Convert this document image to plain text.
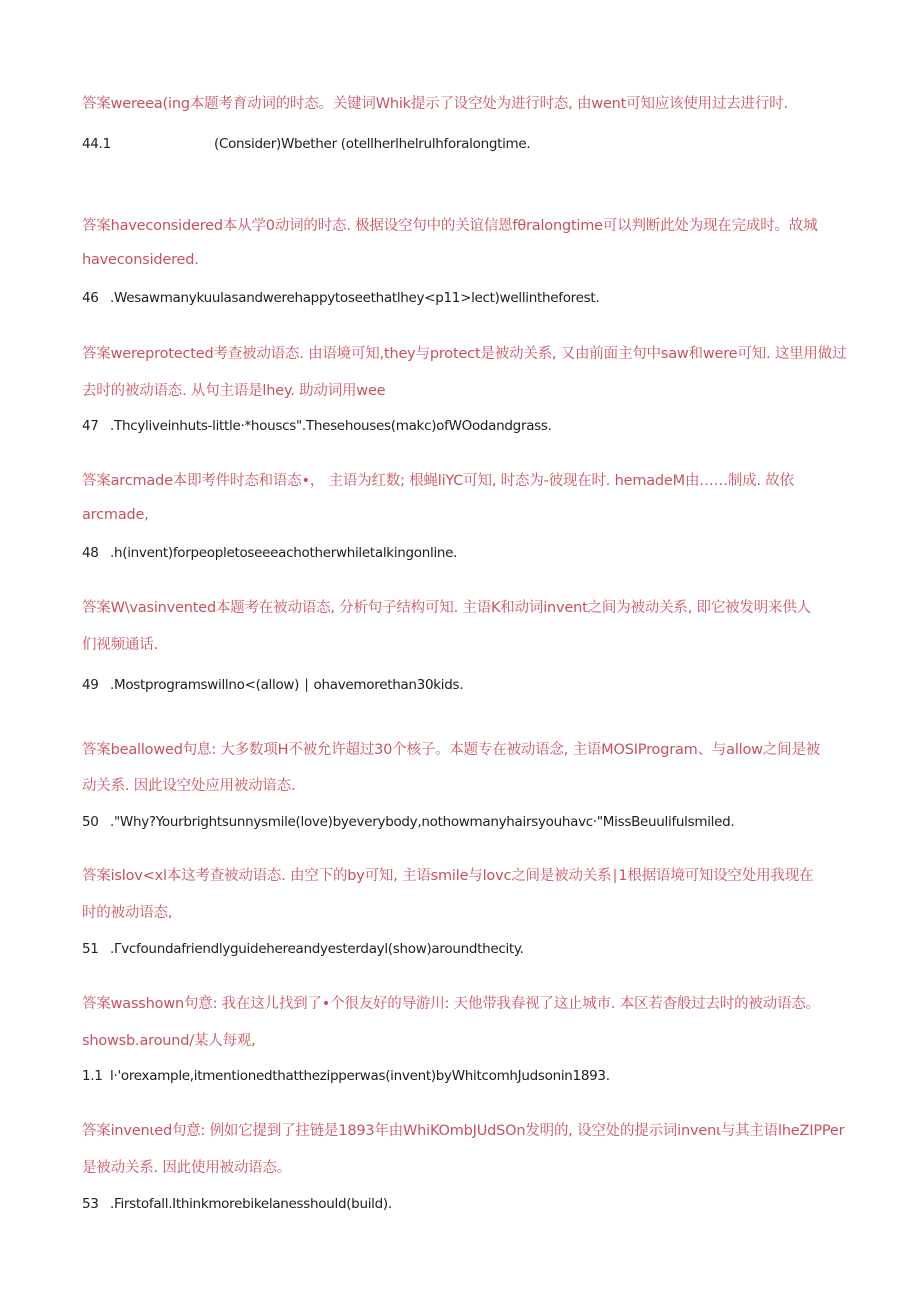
答案wereea(ing本题考育动词的时态。关键词Whik提示了设空处为进行时态, 由went可知应该使用过去进行时.
44.1	(Consider)Wbether (otellherlhelrulhforalongtime.
答案haveconsidered本从学0动词的时态. 极据设空句中的关谊信恩fθralongtime可以判断此处为现在完成时。故城
haveconsidered.
46 .Wesawmanykuulasandwerehappytoseethatlhey<p11>lect)wellintheforest.
答案wereprotected考查被动语态. 由语境可知,they与protect是被动关系, 又由前面主句中saw和were可知. 这里用做过
去时的被动语态. 从句主语是lhey. 助动词用wee
47 .Thcyliveinhuts-little·*houscs".Thesehouses(makc)ofWOodandgrass.
答案arcmade本即考件时态和语态•， 主语为红数; 根蝇liYC可知, 时态为-彼现在时. hemadeM由……制成. 故依
arcmade,
48 .h(invent)forpeopletoseeeachotherwhiletalkingonline.
答案W\vasinvented本题考在被动语态, 分析句子结构可知. 主语K和动词invent之间为被动关系, 即它被发明来供人
们视频通话.
49 .Mostprogramswillno<(allow) ∣ ohavemorethan30kids.
答案beallowed句息: 大多数项H不被允许超过30个核子。本题专在被动语念, 主语MOSIProgram、与allow之间是被
动关系. 因此设空处应用被动谙态.
50 ."Why?Yourbrightsunnysmile(love)byeverybody,nothowmanyhairsyouhavc·"MissBeuulifulsmiled.
答案islov<xl本这考查被动语态. 由空下的by可知, 主语smile与lovc之间是被动关系∣1根据语境可知设空处用我现在
时的被动语态,
51 .Γvcfoundafriendlyguidehereandyesterdayl(show)aroundthecity.
答案wasshown句意: 我在这儿找到了•个很友好的导游川: 天他带我春视了这止城市. 本区若杳般过去时的被动语态。
showsb.around/某人每观,
1.1 l·'orexample,itmentionedthatthezipperwas(invent)byWhitcomhJudsonin1893.
答案invenιed句意: 例如它提到了拄链是1893年由WhiKOmbJUdSOn发明的, 设空处的提示词invenι与其主语lheZIPPer
是被动关系. 因此使用被动语态。
53 .Firstofall.Ithinkmorebikelanesshould(build).
